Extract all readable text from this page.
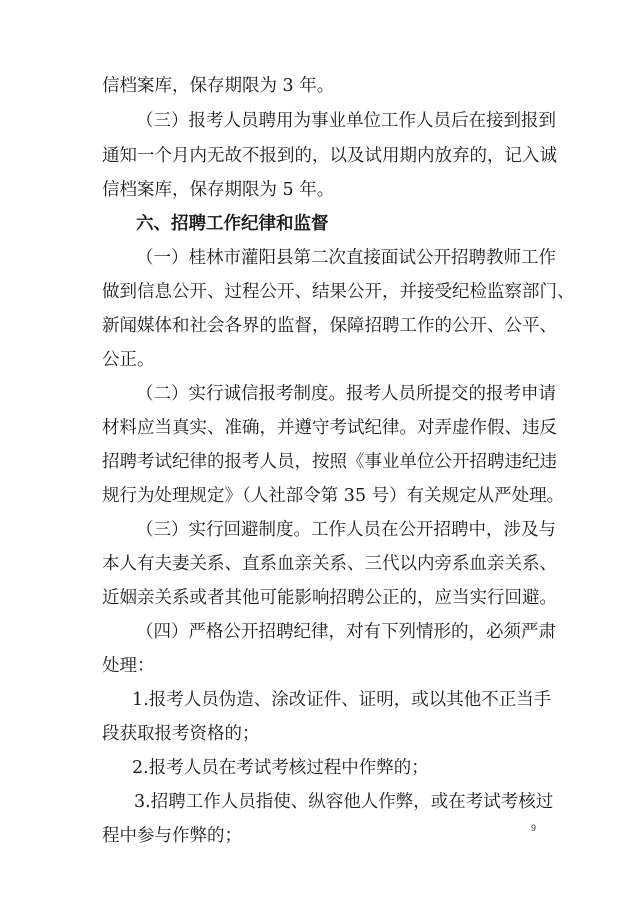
信档案库，保存期限为 3 年。
（三）报考人员聘用为事业单位工作人员后在接到报到
通知一个月内无故不报到的，以及试用期内放弃的，记入诚
信档案库，保存期限为 5 年。
六、招聘工作纪律和监督
（一）桂林市灌阳县第二次直接面试公开招聘教师工作
做到信息公开、过程公开、结果公开，并接受纪检监察部门、
新闻媒体和社会各界的监督，保障招聘工作的公开、公平、
公正。
（二）实行诚信报考制度。报考人员所提交的报考申请
材料应当真实、准确，并遵守考试纪律。对弄虚作假、违反
招聘考试纪律的报考人员，按照《事业单位公开招聘违纪违
规行为处理规定》（人社部令第 35 号）有关规定从严处理。
（三）实行回避制度。工作人员在公开招聘中，涉及与
本人有夫妻关系、直系血亲关系、三代以内旁系血亲关系、
近姻亲关系或者其他可能影响招聘公正的，应当实行回避。
（四）严格公开招聘纪律，对有下列情形的，必须严肃
处理：
1.报考人员伪造、涂改证件、证明，或以其他不正当手
段获取报考资格的；
2.报考人员在考试考核过程中作弊的；
3.招聘工作人员指使、纵容他人作弊，或在考试考核过
程中参与作弊的；	9
